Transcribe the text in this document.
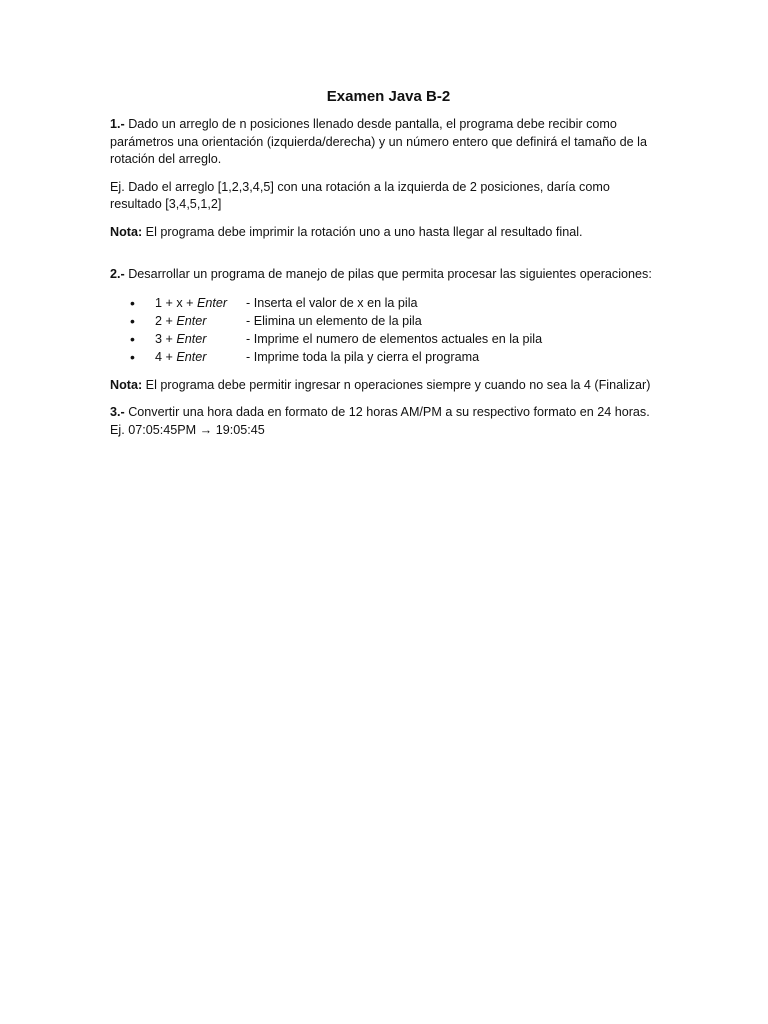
Examen Java B-2

1.- Dado un arreglo de n posiciones llenado desde pantalla, el programa debe recibir como parámetros una orientación (izquierda/derecha) y un número entero que definirá el tamaño de la rotación del arreglo.

Ej. Dado el arreglo [1,2,3,4,5] con una rotación a la izquierda de 2 posiciones, daría como resultado [3,4,5,1,2]

Nota: El programa debe imprimir la rotación uno a uno hasta llegar al resultado final.

2.- Desarrollar un programa de manejo de pilas que permita procesar las siguientes operaciones:

• 1 + x + Enter - Inserta el valor de x en la pila
• 2 + Enter	- Elimina un elemento de la pila
• 3 + Enter	- Imprime el numero de elementos actuales en la pila
• 4 + Enter	- Imprime toda la pila y cierra el programa

Nota: El programa debe permitir ingresar n operaciones siempre y cuando no sea la 4 (Finalizar)

3.- Convertir una hora dada en formato de 12 horas AM/PM a su respectivo formato en 24 horas. Ej. 07:05:45PM → 19:05:45
